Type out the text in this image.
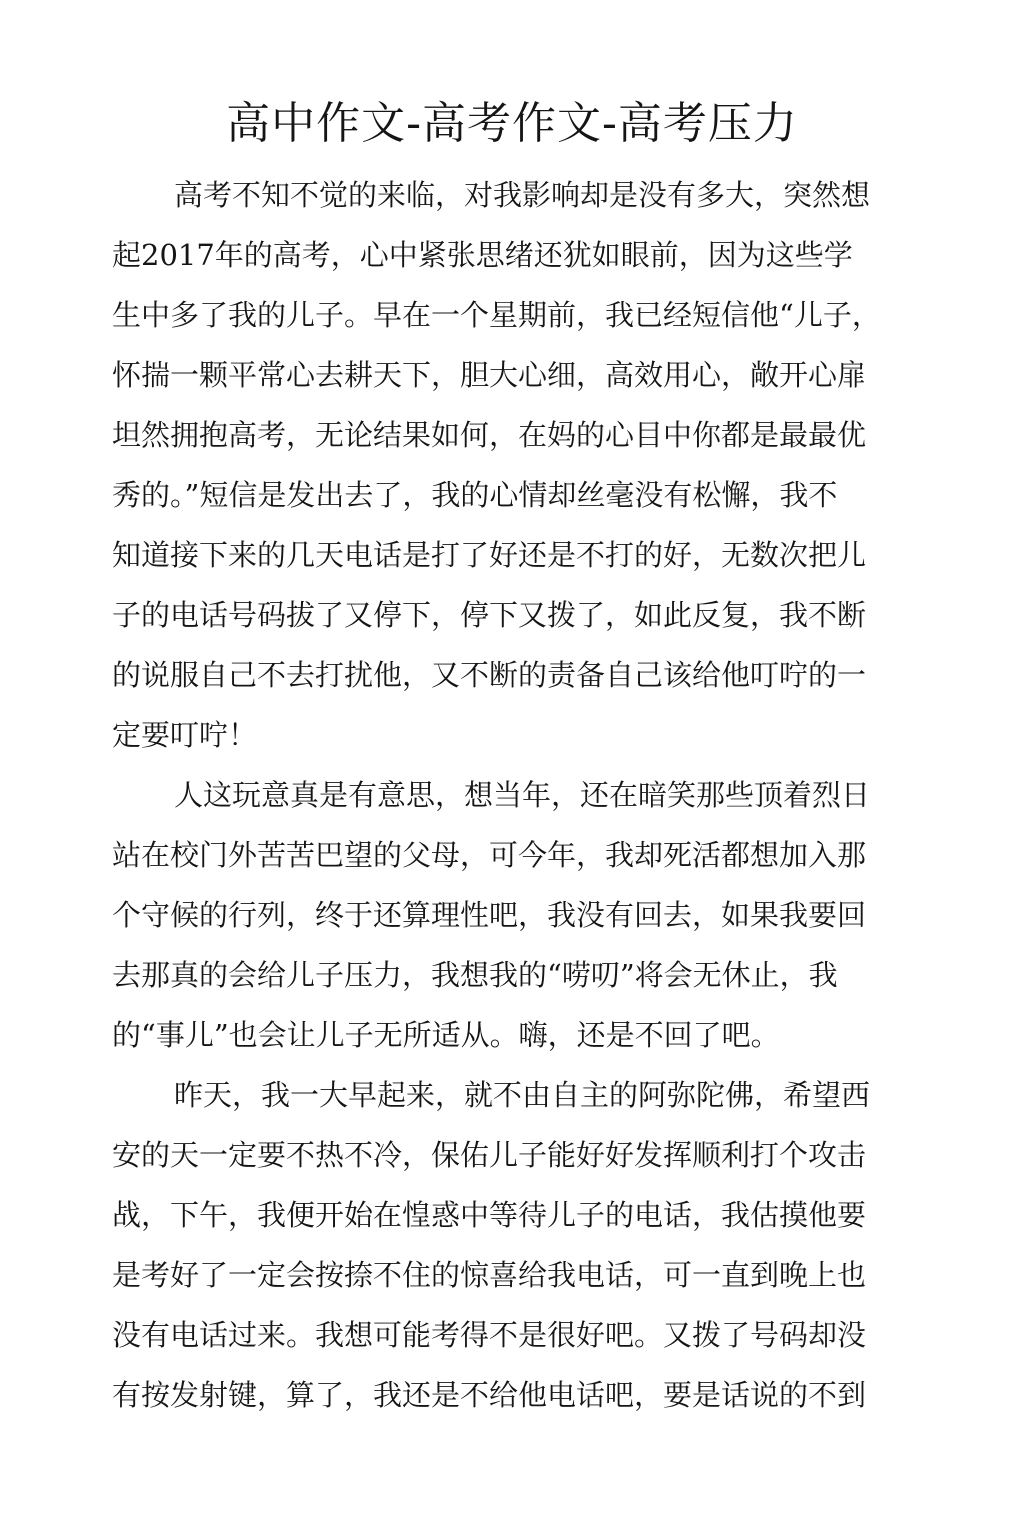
高中作文-高考作文-高考压力
高考不知不觉的来临，对我影响却是没有多大，突然想
起2017年的高考，心中紧张思绪还犹如眼前，因为这些学
生中多了我的儿子。早在一个星期前，我已经短信他“儿子，
怀揣一颗平常心去耕天下，胆大心细，高效用心，敞开心扉
坦然拥抱高考，无论结果如何，在妈的心目中你都是最最优
秀的。”短信是发出去了，我的心情却丝毫没有松懈，我不
知道接下来的几天电话是打了好还是不打的好，无数次把儿
子的电话号码拔了又停下，停下又拨了，如此反复，我不断
的说服自己不去打扰他，又不断的责备自己该给他叮咛的一
定要叮咛！
人这玩意真是有意思，想当年，还在暗笑那些顶着烈日
站在校门外苦苦巴望的父母，可今年，我却死活都想加入那
个守候的行列，终于还算理性吧，我没有回去，如果我要回
去那真的会给儿子压力，我想我的“唠叨”将会无休止，我
的“事儿”也会让儿子无所适从。嗨，还是不回了吧。
昨天，我一大早起来，就不由自主的阿弥陀佛，希望西
安的天一定要不热不冷，保佑儿子能好好发挥顺利打个攻击
战，下午，我便开始在惶惑中等待儿子的电话，我估摸他要
是考好了一定会按捺不住的惊喜给我电话，可一直到晚上也
没有电话过来。我想可能考得不是很好吧。又拨了号码却没
有按发射键，算了，我还是不给他电话吧，要是话说的不到
